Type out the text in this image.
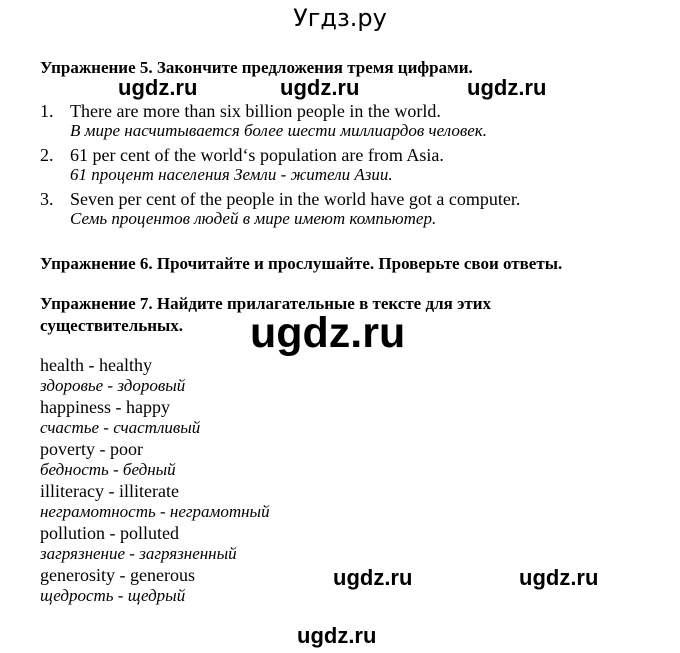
Угдз.ру
Упражнение 5. Закончите предложения тремя цифрами.
ugdz.ru	ugdz.ru	ugdz.ru
1. There are more than six billion people in the world.
В мире насчитывается более шести миллиардов человек.
2. 61 per cent of the world‘s population are from Asia.
61 процент населения Земли - жители Азии.
3. Seven per cent of the people in the world have got a computer.
Семь процентов людей в мире имеют компьютер.
Упражнение 6. Прочитайте и прослушайте. Проверьте свои ответы.
Упражнение 7. Найдите прилагательные в тексте для этих
существительных. ugdz.ru
health - healthy
здоровье - здоровый
happiness - happy
счастье - счастливый
poverty - poor
бедность - бедный
illiteracy - illiterate
неграмотность - неграмотный
pollution - polluted
загрязнение - загрязненный
generosity - generous
щедрость - щедрый
ugdz.ru	ugdz.ru
ugdz.ru
